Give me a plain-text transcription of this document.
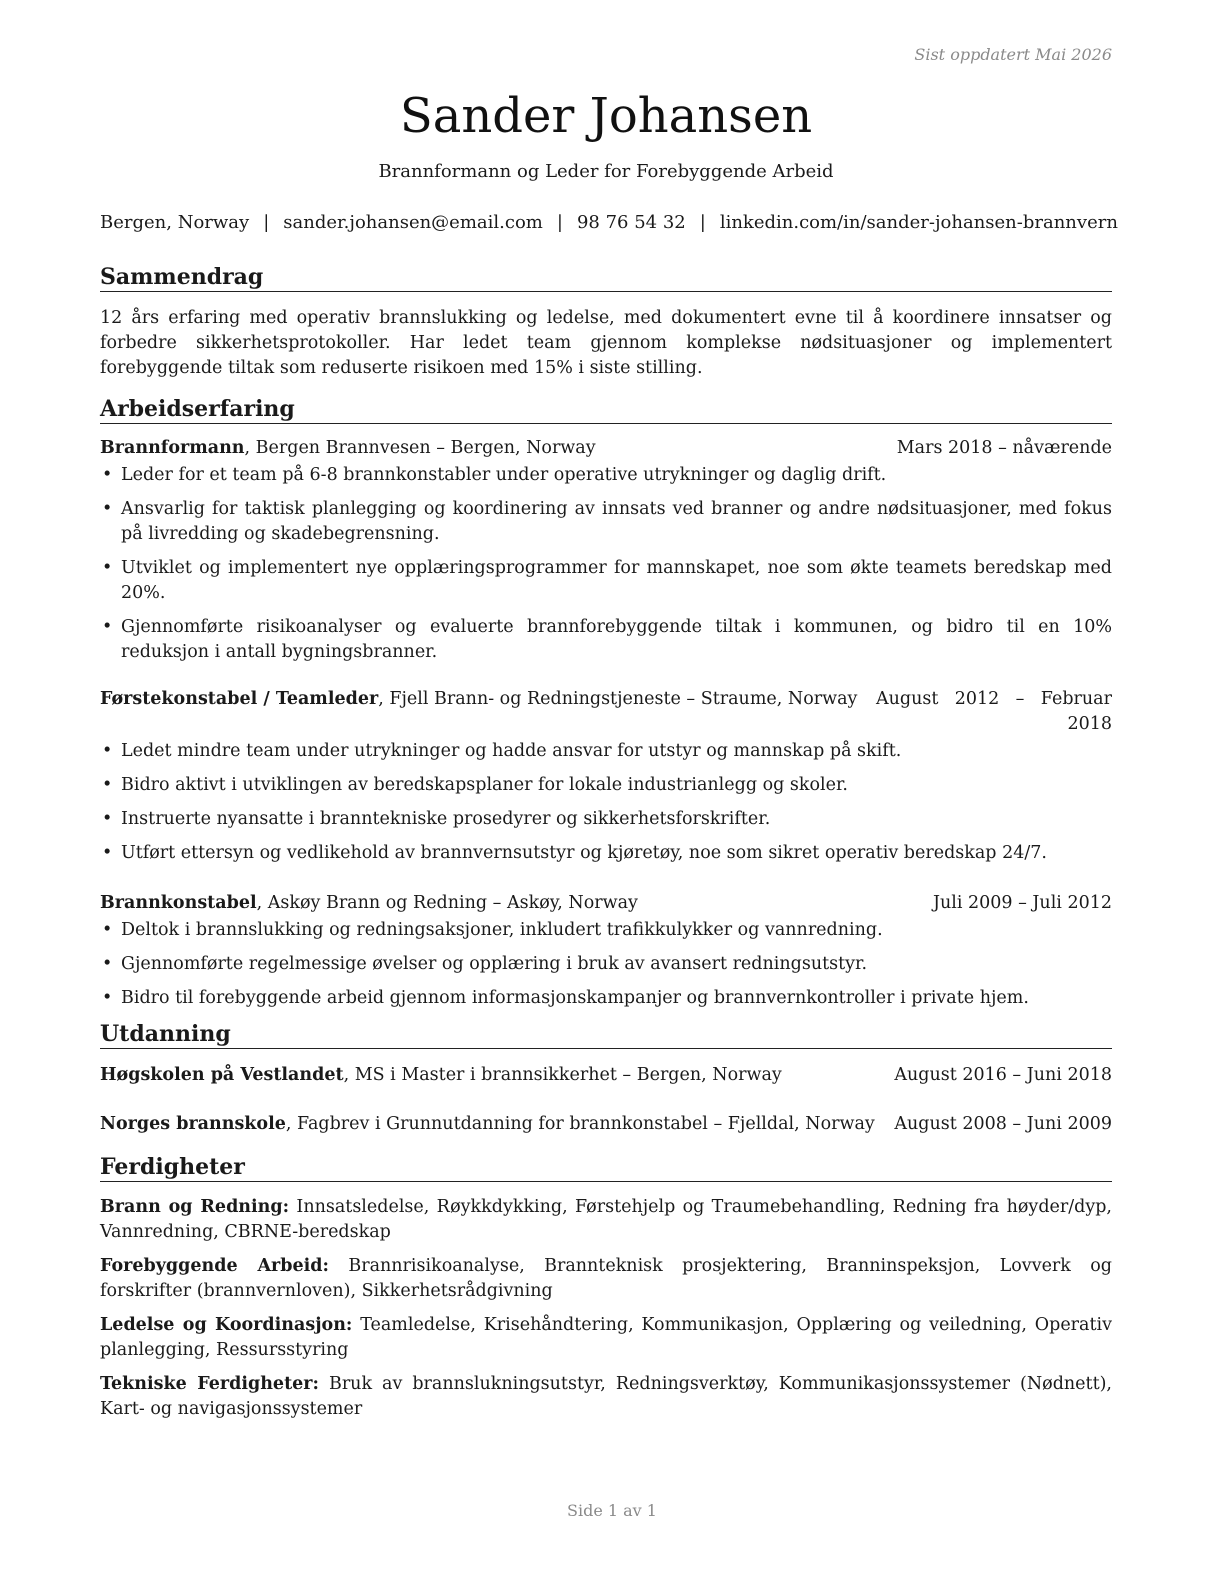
Sist oppdatert Mai 2026
Sander Johansen
Brannformann og Leder for Forebyggende Arbeid
Bergen, Norway | sander.johansen@email.com | 98 76 54 32 | linkedin.com/in/sander-johansen-brannvern
Sammendrag
12 års erfaring med operativ brannslukking og ledelse, med dokumentert evne til å koordinere innsatser og forbedre sikkerhetsprotokoller. Har ledet team gjennom komplekse nødsituasjoner og implementert forebyggende tiltak som reduserte risikoen med 15% i siste stilling.
Arbeidserfaring
Brannformann, Bergen Brannvesen – Bergen, Norway	Mars 2018 – nåværende
• Leder for et team på 6-8 brannkonstabler under operative utrykninger og daglig drift.
• Ansvarlig for taktisk planlegging og koordinering av innsats ved branner og andre nødsituasjoner, med fokus på livredding og skadebegrensning.
• Utviklet og implementert nye opplæringsprogrammer for mannskapet, noe som økte teamets beredskap med 20%.
• Gjennomførte risikoanalyser og evaluerte brannforebyggende tiltak i kommunen, og bidro til en 10% reduksjon i antall bygningsbranner.
Førstekonstabel / Teamleder, Fjell Brann- og Redningstjeneste – Straume, Norway August 2012 – Februar 2018
• Ledet mindre team under utrykninger og hadde ansvar for utstyr og mannskap på skift.
• Bidro aktivt i utviklingen av beredskapsplaner for lokale industrianlegg og skoler.
• Instruerte nyansatte i branntekniske prosedyrer og sikkerhetsforskrifter.
• Utført ettersyn og vedlikehold av brannvernsutstyr og kjøretøy, noe som sikret operativ beredskap 24/7.
Brannkonstabel, Askøy Brann og Redning – Askøy, Norway	Juli 2009 – Juli 2012
• Deltok i brannslukking og redningsaksjoner, inkludert trafikkulykker og vannredning.
• Gjennomførte regelmessige øvelser og opplæring i bruk av avansert redningsutstyr.
• Bidro til forebyggende arbeid gjennom informasjonskampanjer og brannvernkontroller i private hjem.
Utdanning
Høgskolen på Vestlandet, MS i Master i brannsikkerhet – Bergen, Norway	August 2016 – Juni 2018
Norges brannskole, Fagbrev i Grunnutdanning for brannkonstabel – Fjelldal, Norway August 2008 – Juni 2009
Ferdigheter
Brann og Redning: Innsatsledelse, Røykkdykking, Førstehjelp og Traumebehandling, Redning fra høyder/dyp, Vannredning, CBRNE-beredskap
Forebyggende Arbeid: Brannrisikoanalyse, Brannteknisk prosjektering, Branninspeksjon, Lovverk og forskrifter (brannvernloven), Sikkerhetsrådgivning
Ledelse og Koordinasjon: Teamledelse, Krisehåndtering, Kommunikasjon, Opplæring og veiledning, Operativ planlegging, Ressursstyring
Tekniske Ferdigheter: Bruk av brannslukningsutstyr, Redningsverktøy, Kommunikasjonssystemer (Nødnett), Kart- og navigasjonssystemer
Side 1 av 1
